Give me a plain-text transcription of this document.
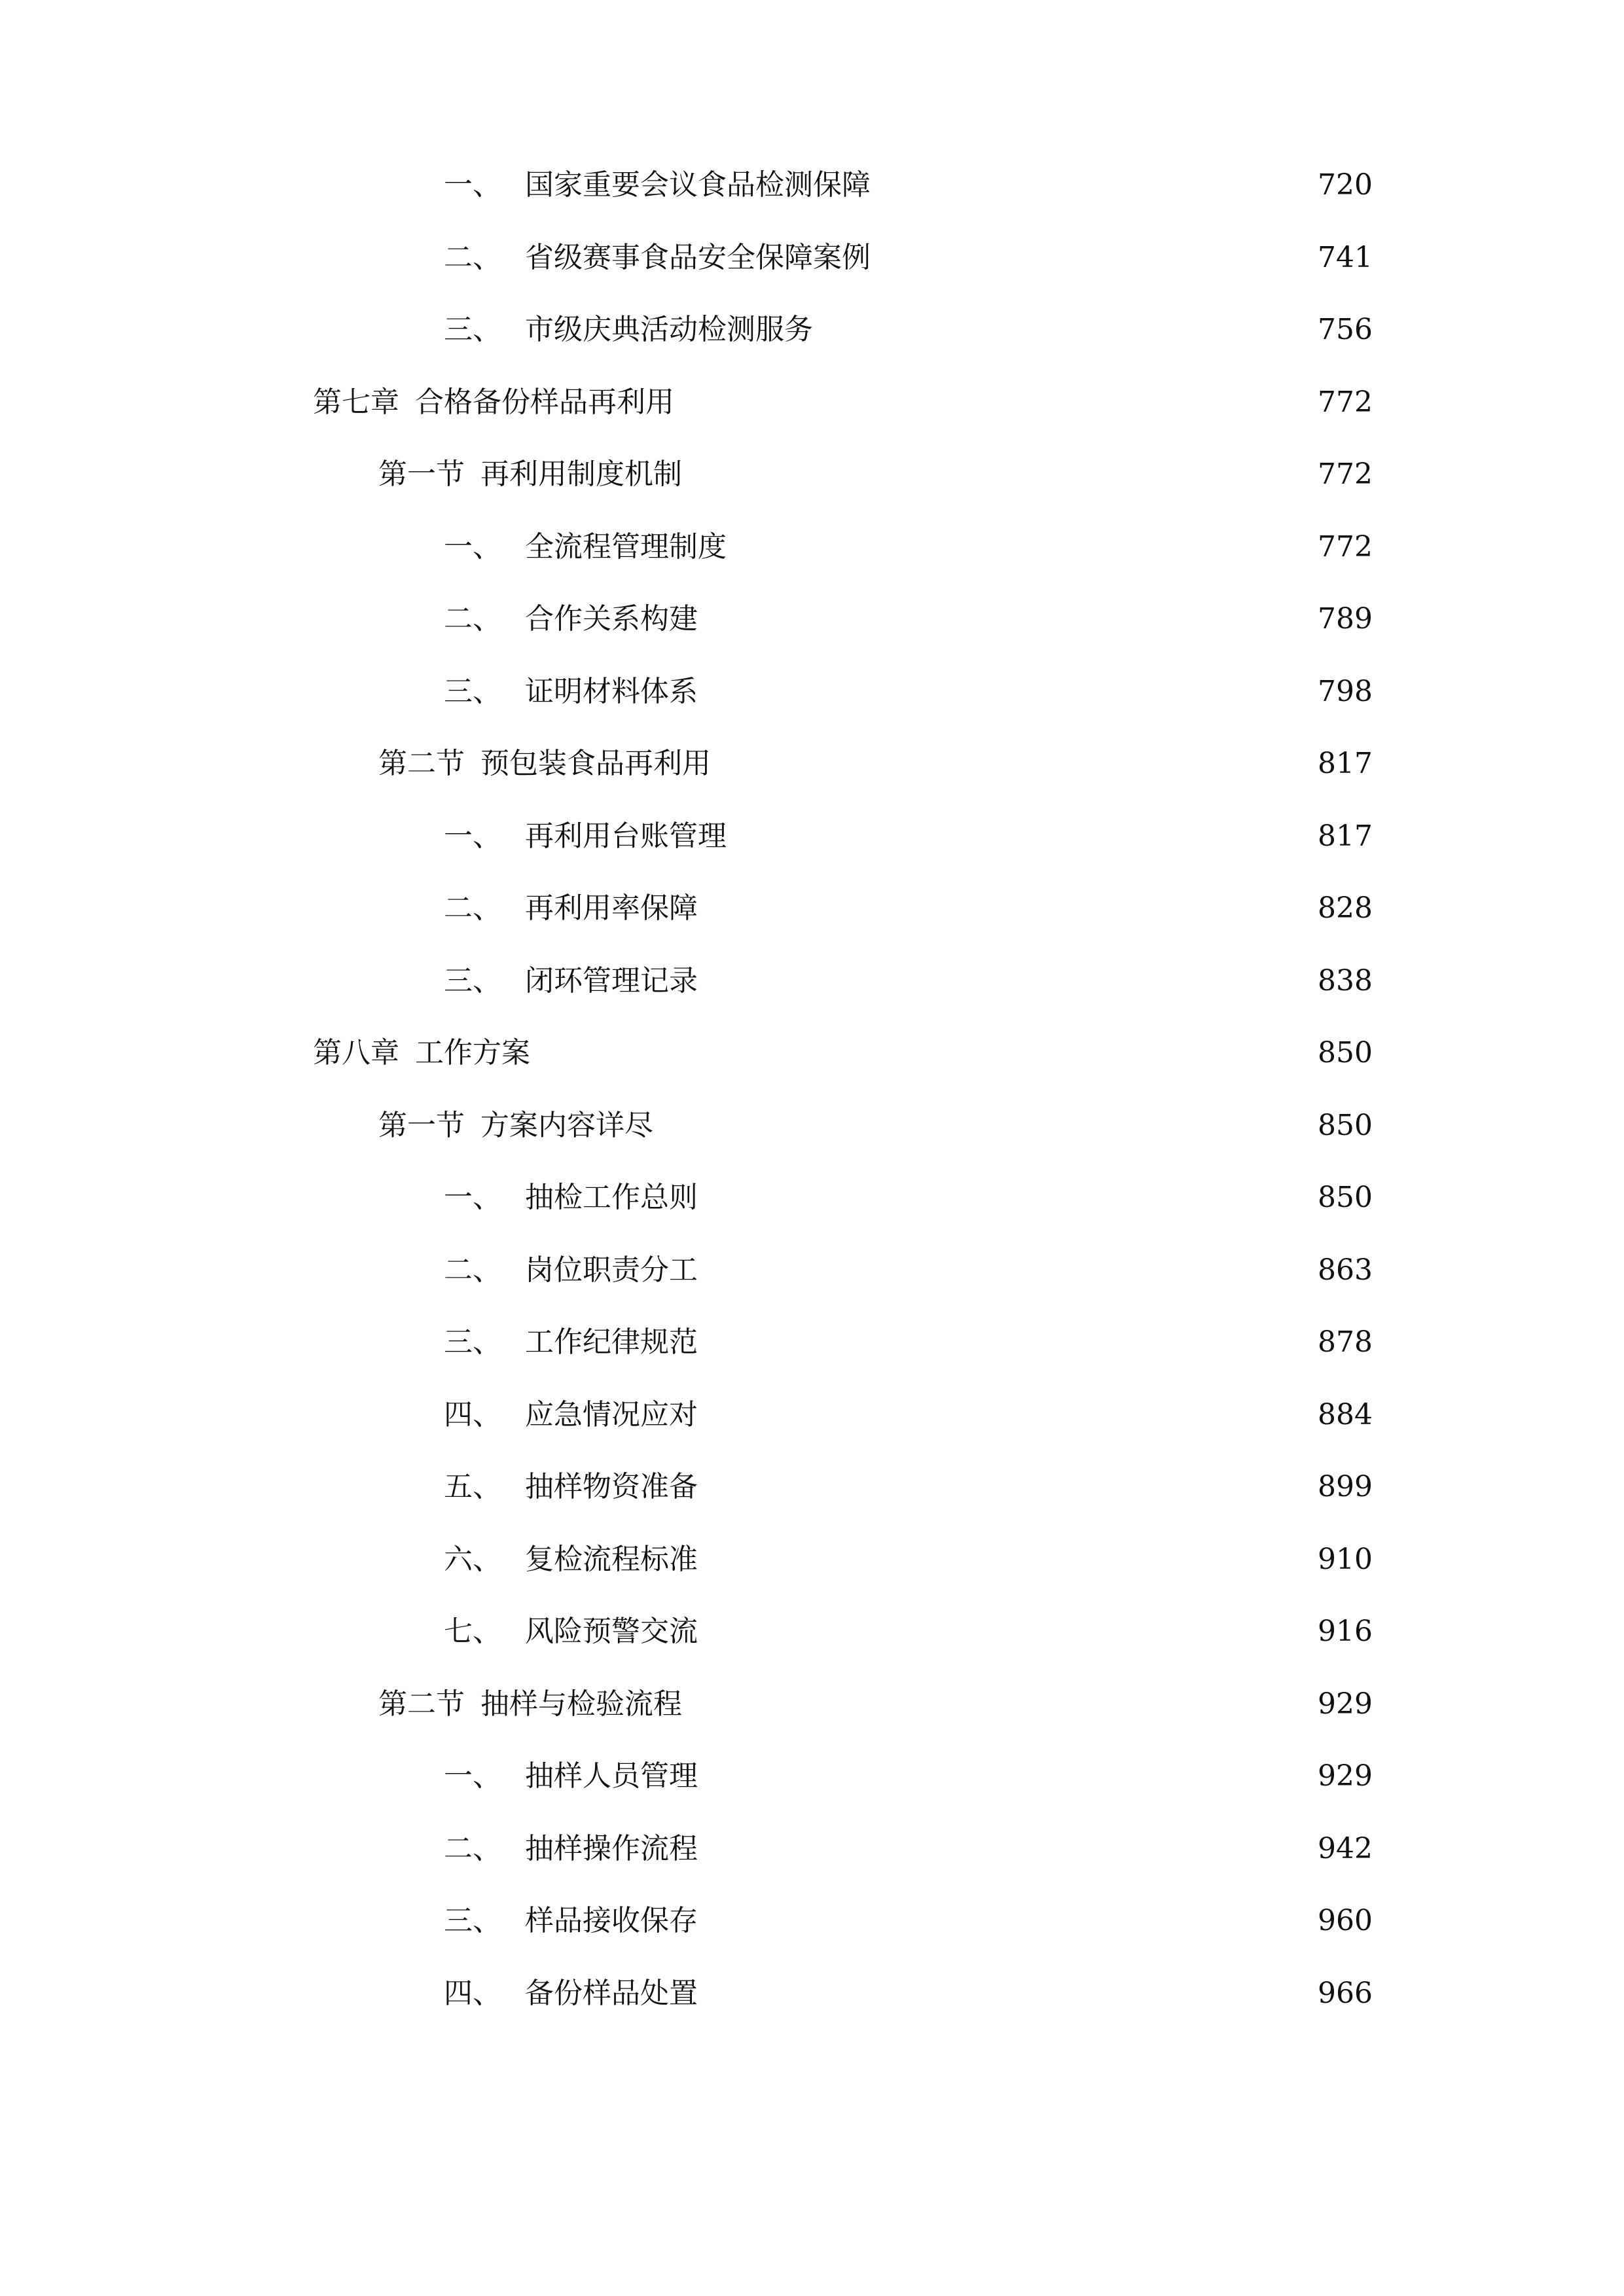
一、 国家重要会议食品检测保障	720
二、 省级赛事食品安全保障案例	741
三、 市级庆典活动检测服务	756
第七章 合格备份样品再利用	772
第一节 再利用制度机制	772
一、 全流程管理制度	772
二、 合作关系构建	789
三、 证明材料体系	798
第二节 预包装食品再利用	817
一、 再利用台账管理	817
二、 再利用率保障	828
三、 闭环管理记录	838
第八章 工作方案	850
第一节 方案内容详尽	850
一、 抽检工作总则	850
二、 岗位职责分工	863
三、 工作纪律规范	878
四、 应急情况应对	884
五、 抽样物资准备	899
六、 复检流程标准	910
七、 风险预警交流	916
第二节 抽样与检验流程	929
一、 抽样人员管理	929
二、 抽样操作流程	942
三、 样品接收保存	960
四、 备份样品处置	966
